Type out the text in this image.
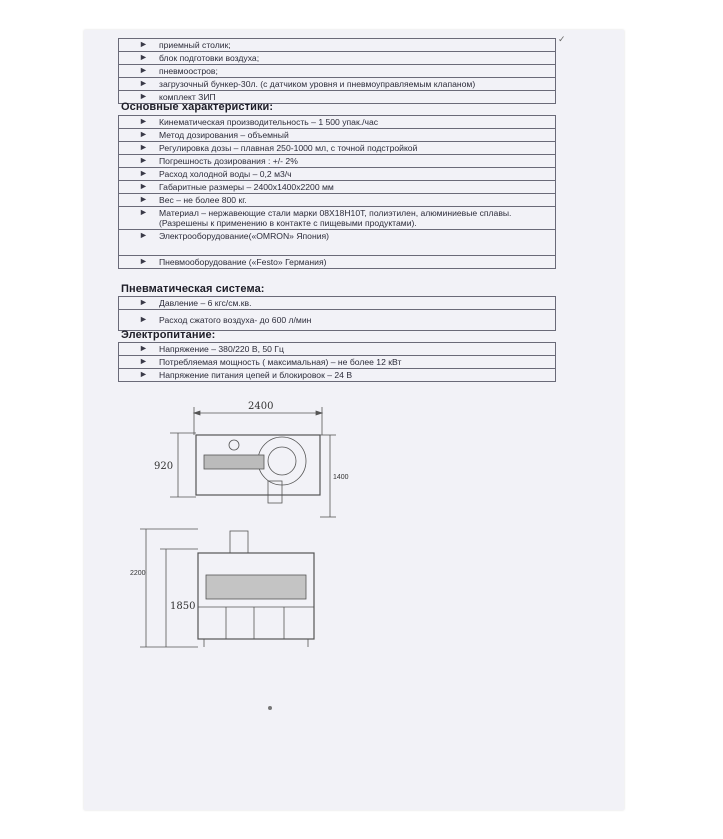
✓
► приемный столик;
► блок подготовки воздуха;
► пневмоостров;
► загрузочный бункер-30л. (с датчиком уровня и пневмоуправляемым клапаном)
► комплект ЗИП
Основные характеристики:
► Кинематическая производительность – 1 500 упак./час
► Метод дозирования – объемный
► Регулировка дозы – плавная 250-1000 мл, с точной подстройкой
► Погрешность дозирования : +/- 2%
► Расход холодной воды – 0,2 м3/ч
► Габаритные размеры – 2400х1400х2200 мм
► Вес – не более 800 кг.
► Материал – нержавеющие стали марки 08Х18Н10Т, полиэтилен, алюминиевые сплавы. (Разрешены к применению в контакте с пищевыми продуктами).
► Электрооборудование(«OMRON» Япония)
► Пневмооборудование («Festo» Германия)
Пневматическая система:
► Давление – 6 кгс/см.кв.
► Расход сжатого воздуха- до 600 л/мин
Электропитание:
► Напряжение – 380/220 В, 50 Гц
► Потребляемая мощность ( максимальная) – не более 12 кВт
► Напряжение питания цепей и блокировок – 24 В
2400
920
1400
2200
1850
